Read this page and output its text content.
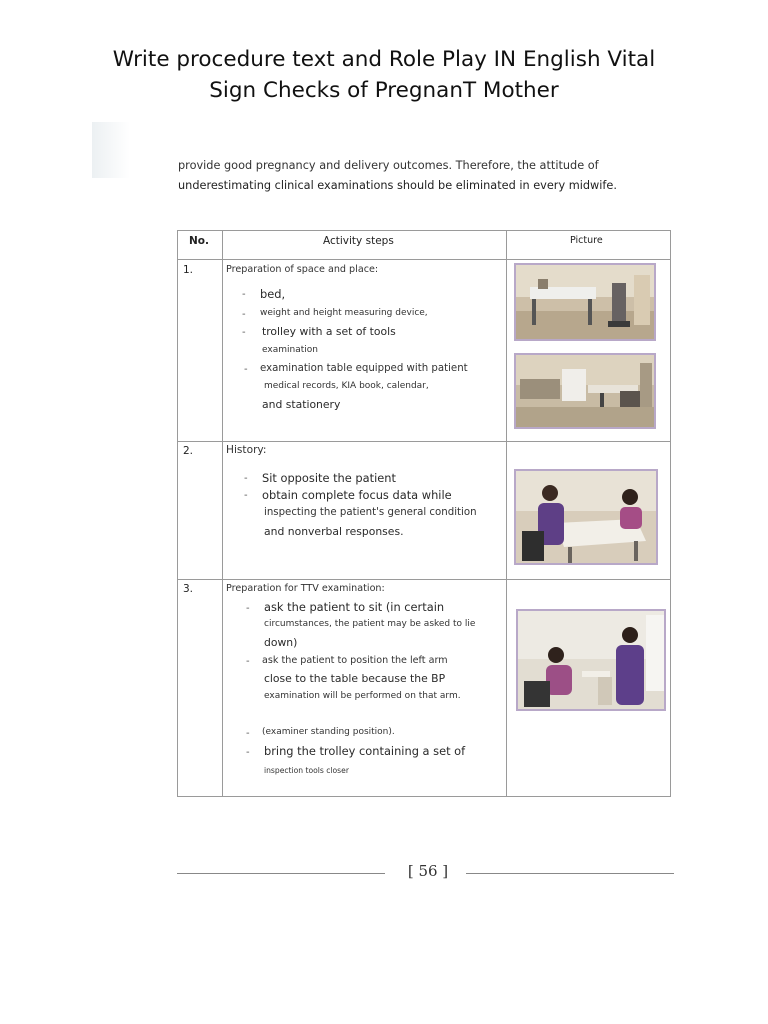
Write procedure text and Role Play IN English Vital
Sign Checks of PregnanT Mother
provide good pregnancy and delivery outcomes. Therefore, the attitude of
underestimating clinical examinations should be eliminated in every midwife.
No.	Activity steps	Picture
1.	Preparation of space and place:
- bed,
- weight and height measuring device,
- trolley with a set of tools
examination
- examination table equipped with patient
medical records, KIA book, calendar,
and stationery
2.	History:
- Sit opposite the patient
- obtain complete focus data while
inspecting the patient's general condition
and nonverbal responses.
3.	Preparation for TTV examination:
- ask the patient to sit (in certain
circumstances, the patient may be asked to lie
down)
- ask the patient to position the left arm
close to the table because the BP
examination will be performed on that arm.
- (examiner standing position).
- bring the trolley containing a set of
inspection tools closer
[ 56 ]
